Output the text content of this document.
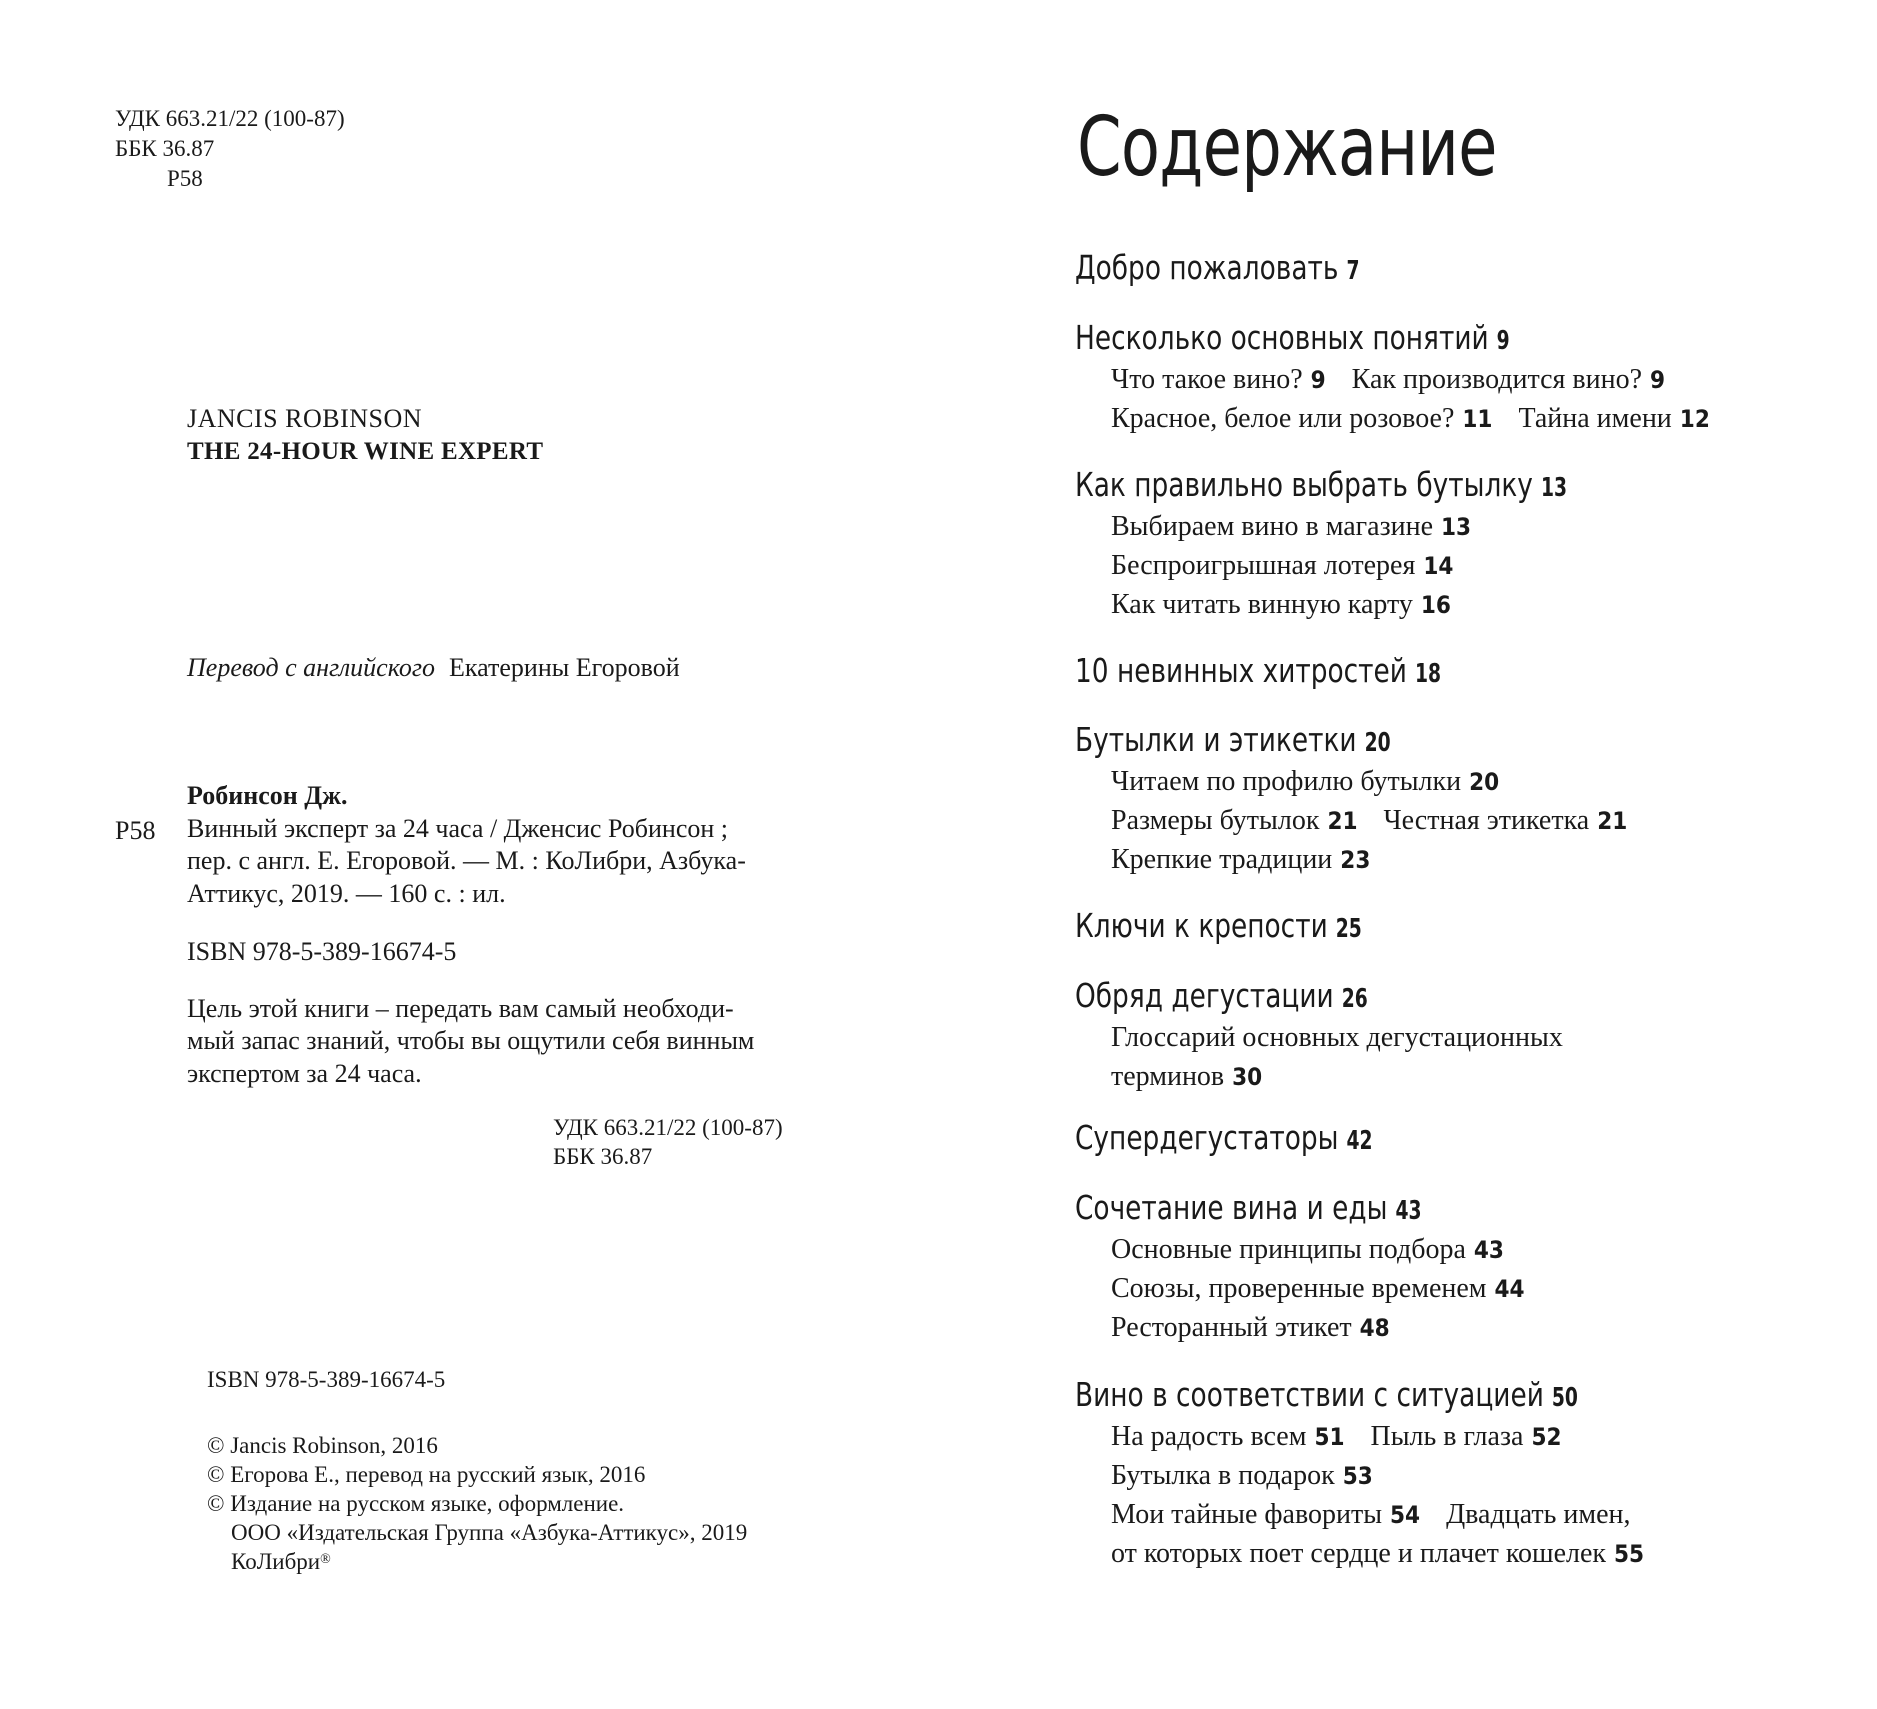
УДК 663.21/22 (100-87)
ББК 36.87
Р58
JANCIS ROBINSON
THE 24-HOUR WINE EXPERT
Перевод с английского Екатерины Егоровой
Р58

Робинсон Дж.

Винный эксперт за 24 часа / Дженсис Робинсон ;

пер. с англ. Е. Егоровой. — М. : КоЛибри, Азбука-

Аттикус, 2019. — 160 с. : ил.

ISBN 978-5-389-16674-5

Цель этой книги – передать вам самый необходи-

мый запас знаний, чтобы вы ощутили себя винным

экспертом за 24 часа.

УДК 663.21/22 (100-87)
ББК 36.87
ISBN 978-5-389-16674-5
© Jancis Robinson, 2016
© Егорова Е., перевод на русский язык, 2016
© Издание на русском языке, оформление.
ООО «Издательская Группа «Азбука-Аттикус», 2019
КоЛибри®
Содержание
Добро пожаловать 7
Несколько основных понятий 9
Что такое вино? 9 Как производится вино? 9
Красное, белое или розовое? 11 Тайна имени 12
Как правильно выбрать бутылку 13
Выбираем вино в магазине 13
Беспроигрышная лотерея 14
Как читать винную карту 16
10 невинных хитростей 18
Бутылки и этикетки 20
Читаем по профилю бутылки 20
Размеры бутылок 21 Честная этикетка 21
Крепкие традиции 23
Ключи к крепости 25
Обряд дегустации 26
Глоссарий основных дегустационных
терминов 30
Супердегустаторы 42
Сочетание вина и еды 43
Основные принципы подбора 43
Союзы, проверенные временем 44
Ресторанный этикет 48
Вино в соответствии с ситуацией 50
На радость всем 51 Пыль в глаза 52
Бутылка в подарок 53
Мои тайные фавориты 54 Двадцать имен,
от которых поет сердце и плачет кошелек 55
